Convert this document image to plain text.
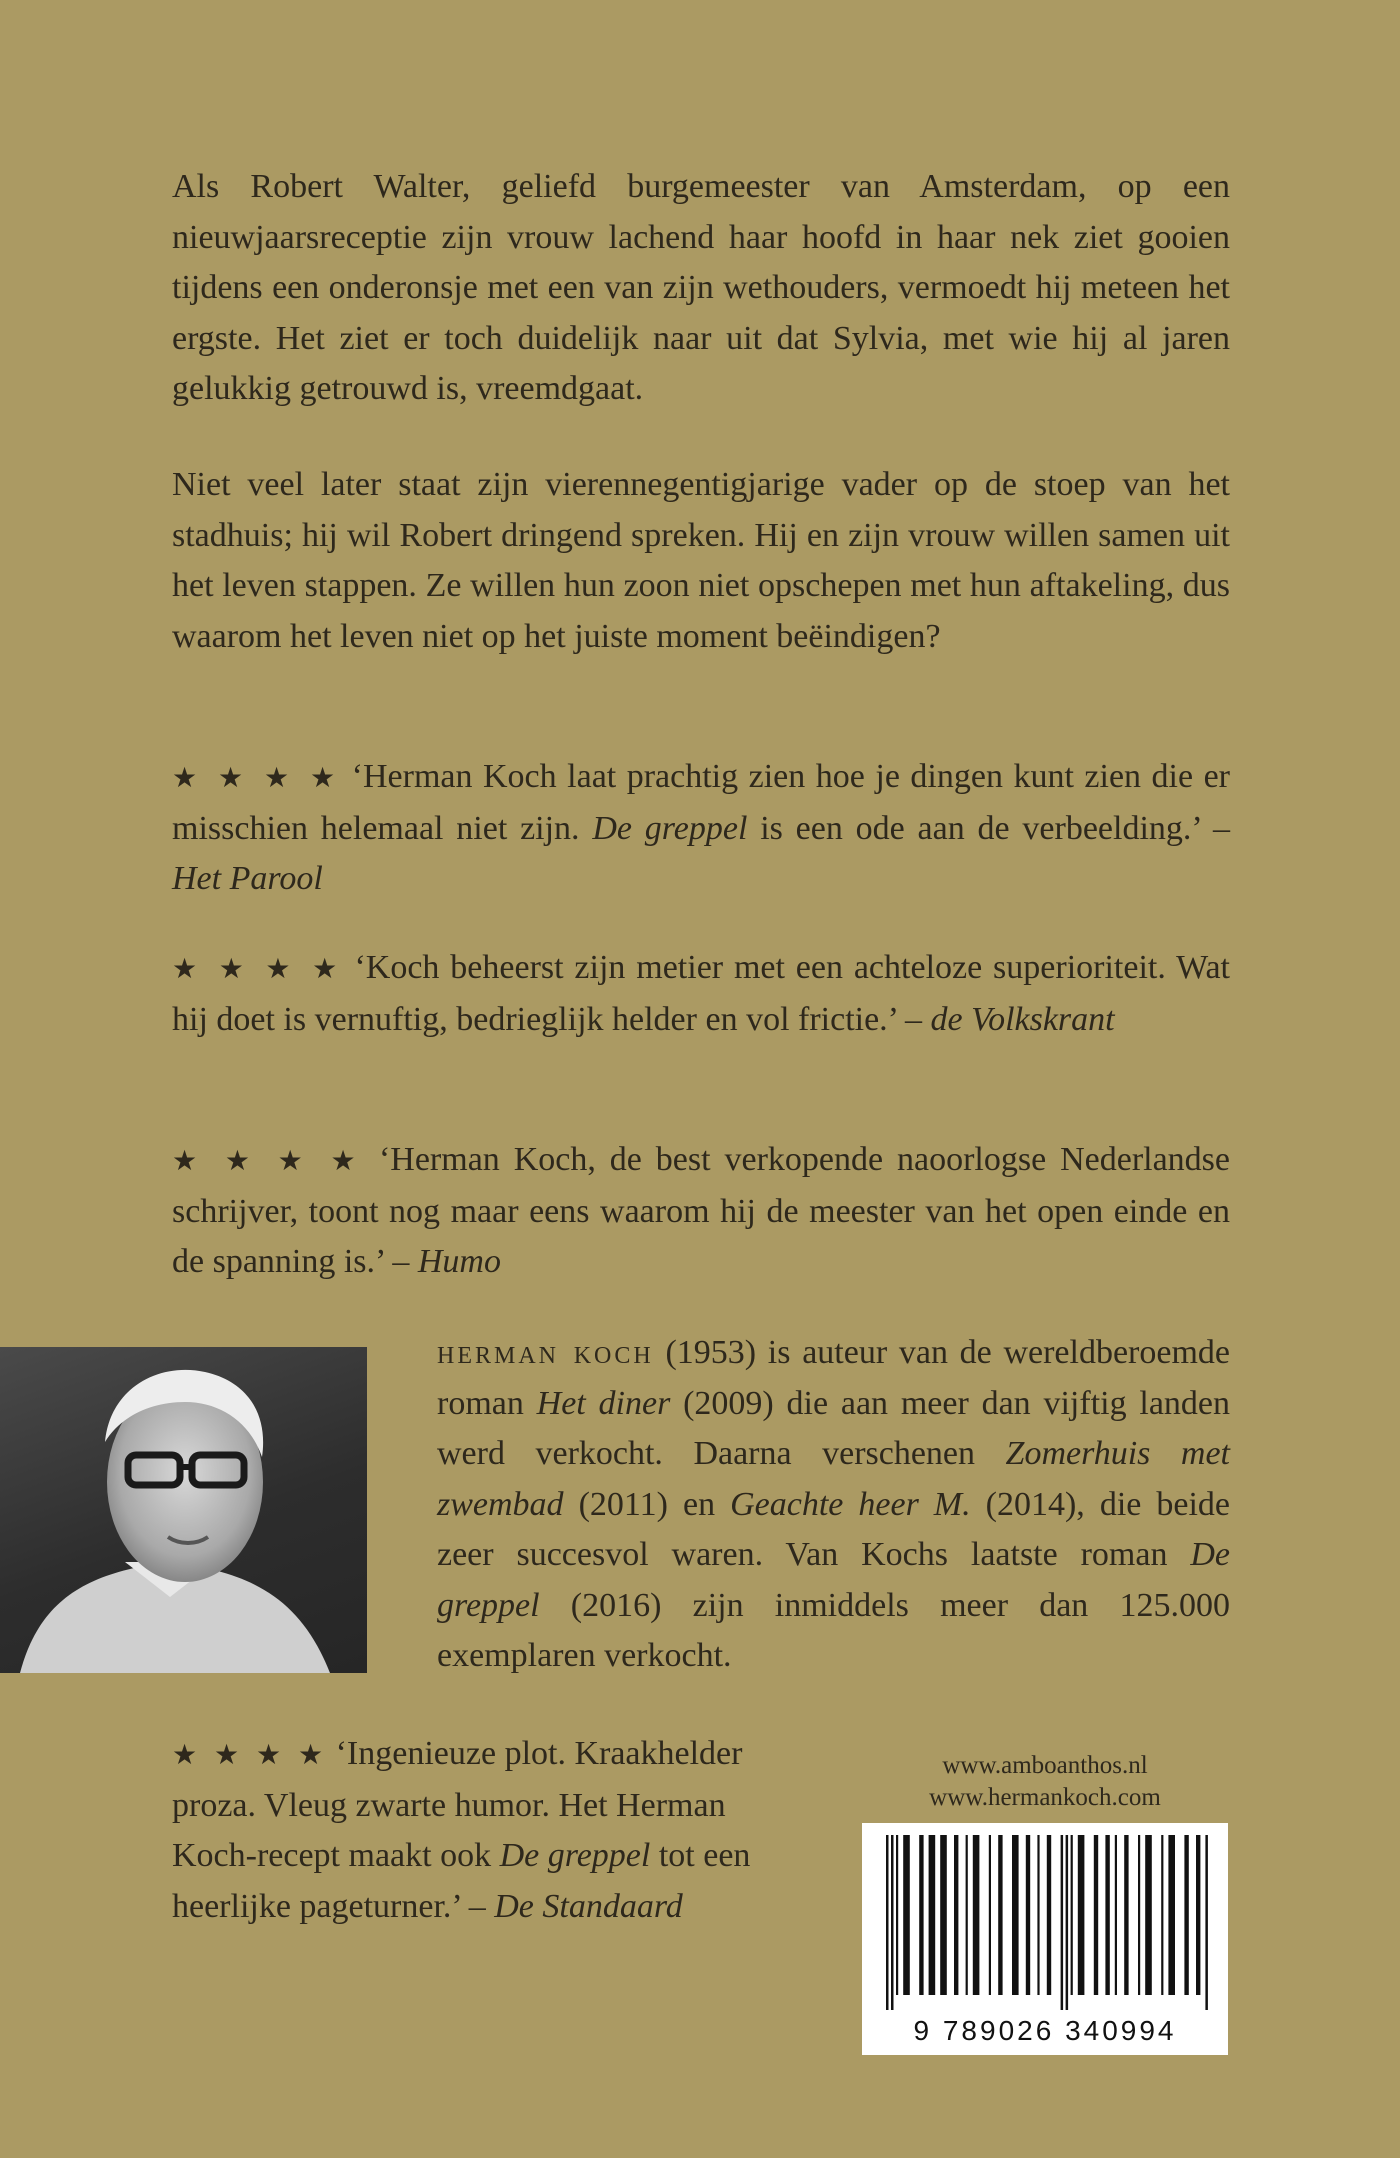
Als Robert Walter, geliefd burgemeester van Amsterdam, op een nieuwjaarsreceptie zijn vrouw lachend haar hoofd in haar nek ziet gooien tijdens een onderonsje met een van zijn wethouders, vermoedt hij meteen het ergste. Het ziet er toch duidelijk naar uit dat Sylvia, met wie hij al jaren gelukkig getrouwd is, vreemdgaat.

Niet veel later staat zijn vierennegentigjarige vader op de stoep van het stadhuis; hij wil Robert dringend spreken. Hij en zijn vrouw willen samen uit het leven stappen. Ze willen hun zoon niet opschepen met hun aftakeling, dus waarom het leven niet op het juiste moment beëindigen?

★ ★ ★ ★ ‘Herman Koch laat prachtig zien hoe je dingen kunt zien die er misschien helemaal niet zijn. De greppel is een ode aan de verbeelding.’ – Het Parool

★ ★ ★ ★ ‘Koch beheerst zijn metier met een achteloze superioriteit. Wat hij doet is vernuftig, bedrieglijk helder en vol frictie.’ – de Volkskrant

★ ★ ★ ★ ‘Herman Koch, de best verkopende naoorlogse Nederlandse schrijver, toont nog maar eens waarom hij de meester van het open einde en de spanning is.’ – Humo

herman koch (1953) is auteur van de wereldberoemde roman Het diner (2009) die aan meer dan vijftig landen werd verkocht. Daarna verschenen Zomerhuis met zwembad (2011) en Geachte heer M. (2014), die beide zeer succesvol waren. Van Kochs laatste roman De greppel (2016) zijn inmiddels meer dan 125.000 exemplaren verkocht.

★ ★ ★ ★ ‘Ingenieuze plot. Kraakhelder proza. Vleug zwarte humor. Het Herman Koch-recept maakt ook De greppel tot een heerlijke pageturner.’ – De Standaard

www.amboanthos.nl
www.hermankoch.com
9 789026 340994
